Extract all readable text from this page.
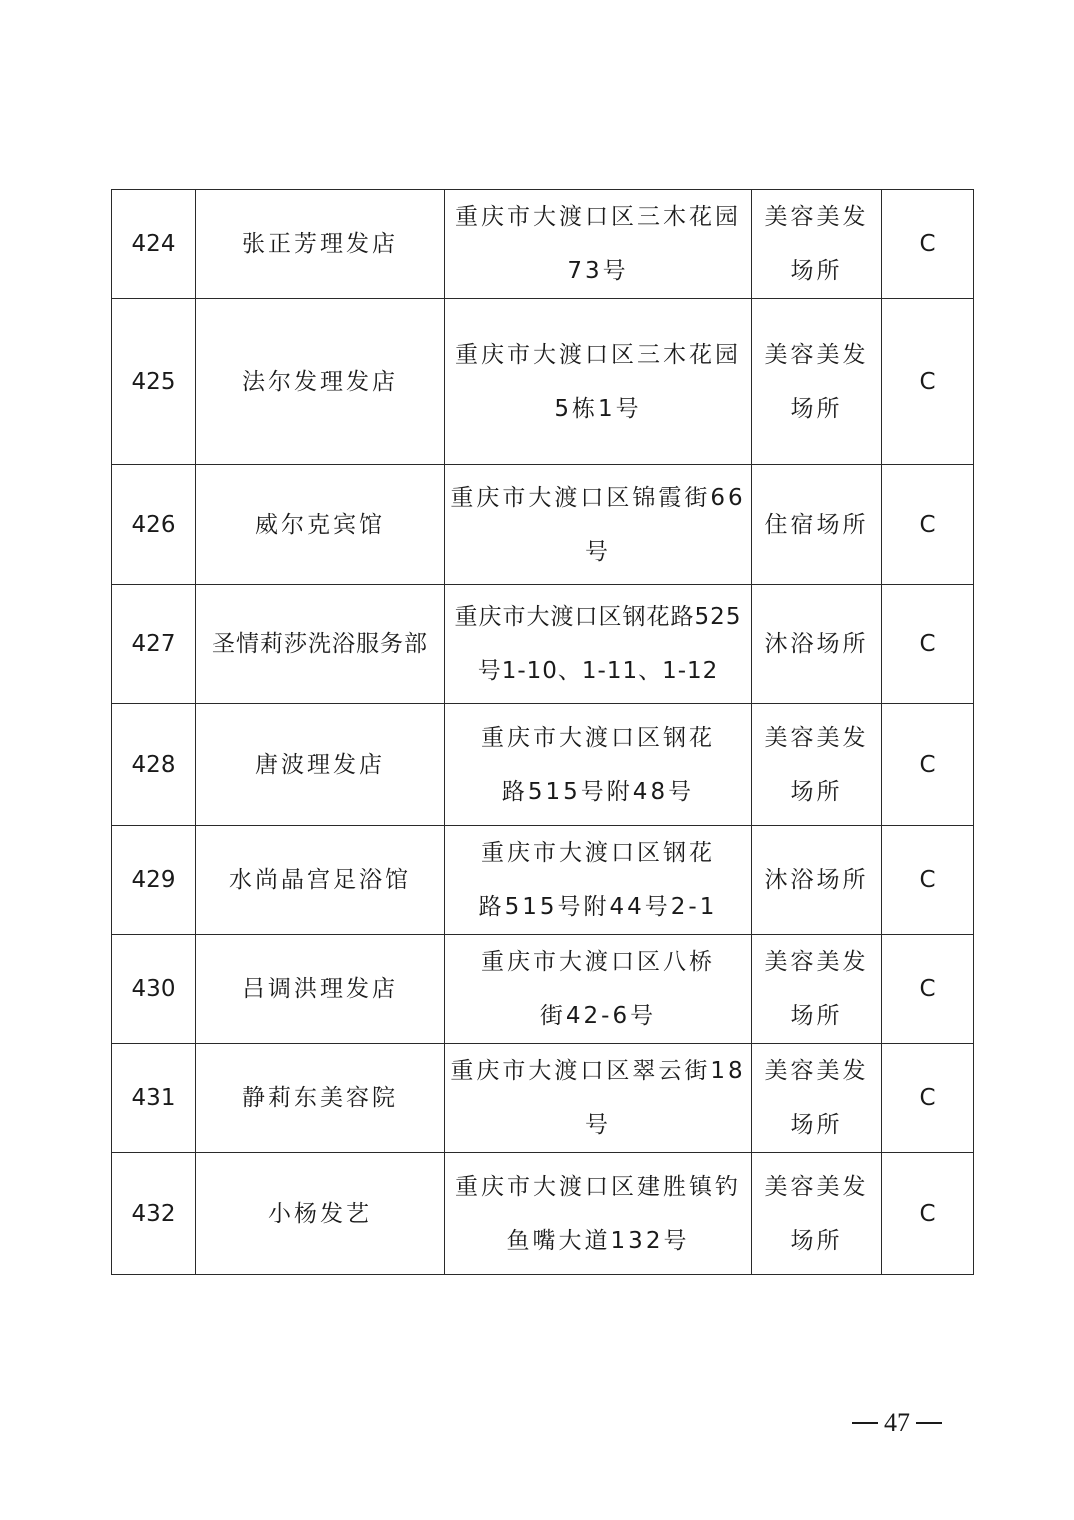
424	张正芳理发店	重庆市大渡口区三木花园73号	美容美发场所	C
425	法尔发理发店	重庆市大渡口区三木花园5栋1号	美容美发场所	C
426	威尔克宾馆	重庆市大渡口区锦霞街66号	住宿场所	C
427	圣情莉莎洗浴服务部	重庆市大渡口区钢花路525号1-10、1-11、1-12	沐浴场所	C
428	唐波理发店	重庆市大渡口区钢花路515号附48号	美容美发场所	C
429	水尚晶宫足浴馆	重庆市大渡口区钢花路515号附44号2-1	沐浴场所	C
430	吕调洪理发店	重庆市大渡口区八桥街42-6号	美容美发场所	C
431	静莉东美容院	重庆市大渡口区翠云街18号	美容美发场所	C
432	小杨发艺	重庆市大渡口区建胜镇钓鱼嘴大道132号	美容美发场所	C
47
